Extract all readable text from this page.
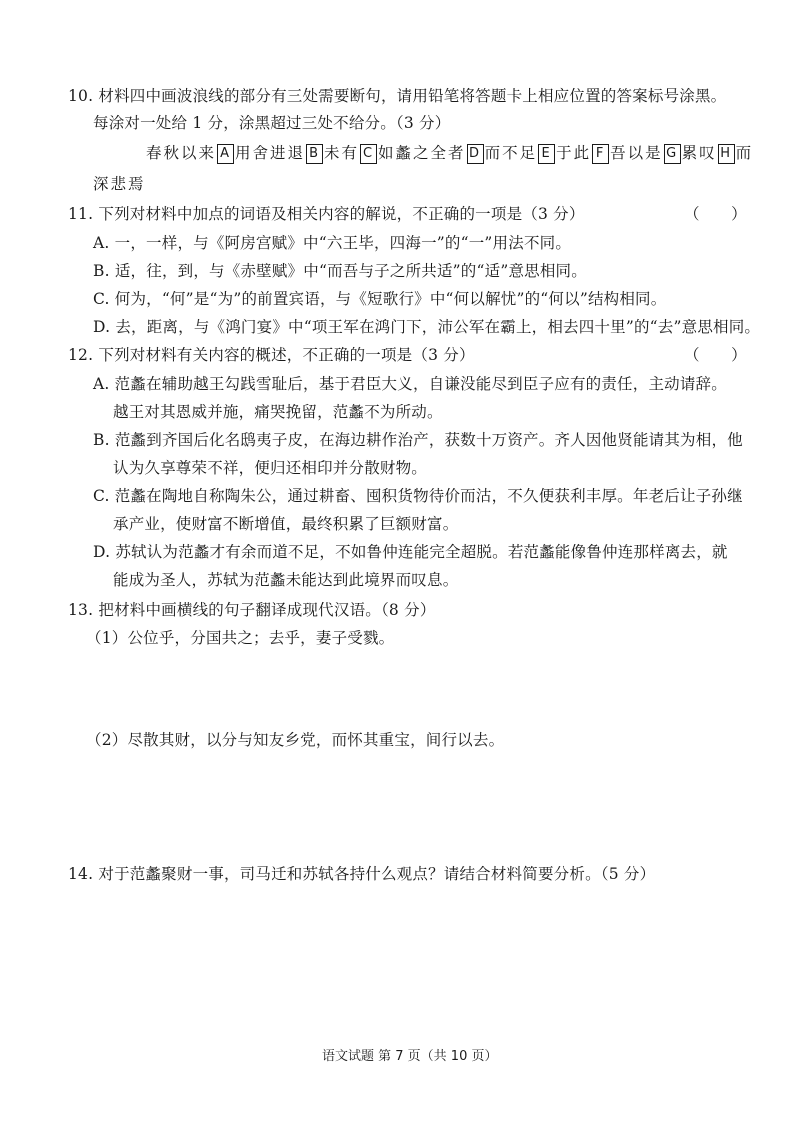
10. 材料四中画波浪线的部分有三处需要断句，请用铅笔将答题卡上相应位置的答案标号涂黑。
每涂对一处给 1 分，涂黑超过三处不给分。（3 分）
春秋以来 A 用舍进退 B 未有 C 如蠡之全者 D 而不足 E 于此 F 吾以是 G 累叹 H 而
深悲焉
11. 下列对材料中加点的词语及相关内容的解说，不正确的一项是（3 分）	（　　）
A. 一，一样，与《阿房宫赋》中“六王毕，四海一”的“一”用法不同。
B. 适，往，到，与《赤壁赋》中“而吾与子之所共适”的“适”意思相同。
C. 何为，“何”是“为”的前置宾语，与《短歌行》中“何以解忧”的“何以”结构相同。
D. 去，距离，与《鸿门宴》中“项王军在鸿门下，沛公军在霸上，相去四十里”的“去”意思相同。
12. 下列对材料有关内容的概述，不正确的一项是（3 分）	（　　）
A. 范蠡在辅助越王勾践雪耻后，基于君臣大义，自谦没能尽到臣子应有的责任，主动请辞。
越王对其恩威并施，痛哭挽留，范蠡不为所动。
B. 范蠡到齐国后化名鸱夷子皮，在海边耕作治产，获数十万资产。齐人因他贤能请其为相，他
认为久享尊荣不祥，便归还相印并分散财物。
C. 范蠡在陶地自称陶朱公，通过耕畜、囤积货物待价而沽，不久便获利丰厚。年老后让子孙继
承产业，使财富不断增值，最终积累了巨额财富。
D. 苏轼认为范蠡才有余而道不足，不如鲁仲连能完全超脱。若范蠡能像鲁仲连那样离去，就
能成为圣人，苏轼为范蠡未能达到此境界而叹息。
13. 把材料中画横线的句子翻译成现代汉语。（8 分）
（1）公位乎，分国共之；去乎，妻子受戮。
（2）尽散其财，以分与知友乡党，而怀其重宝，间行以去。
14. 对于范蠡聚财一事，司马迁和苏轼各持什么观点？请结合材料简要分析。（5 分）
语文试题 第 7 页（共 10 页）
